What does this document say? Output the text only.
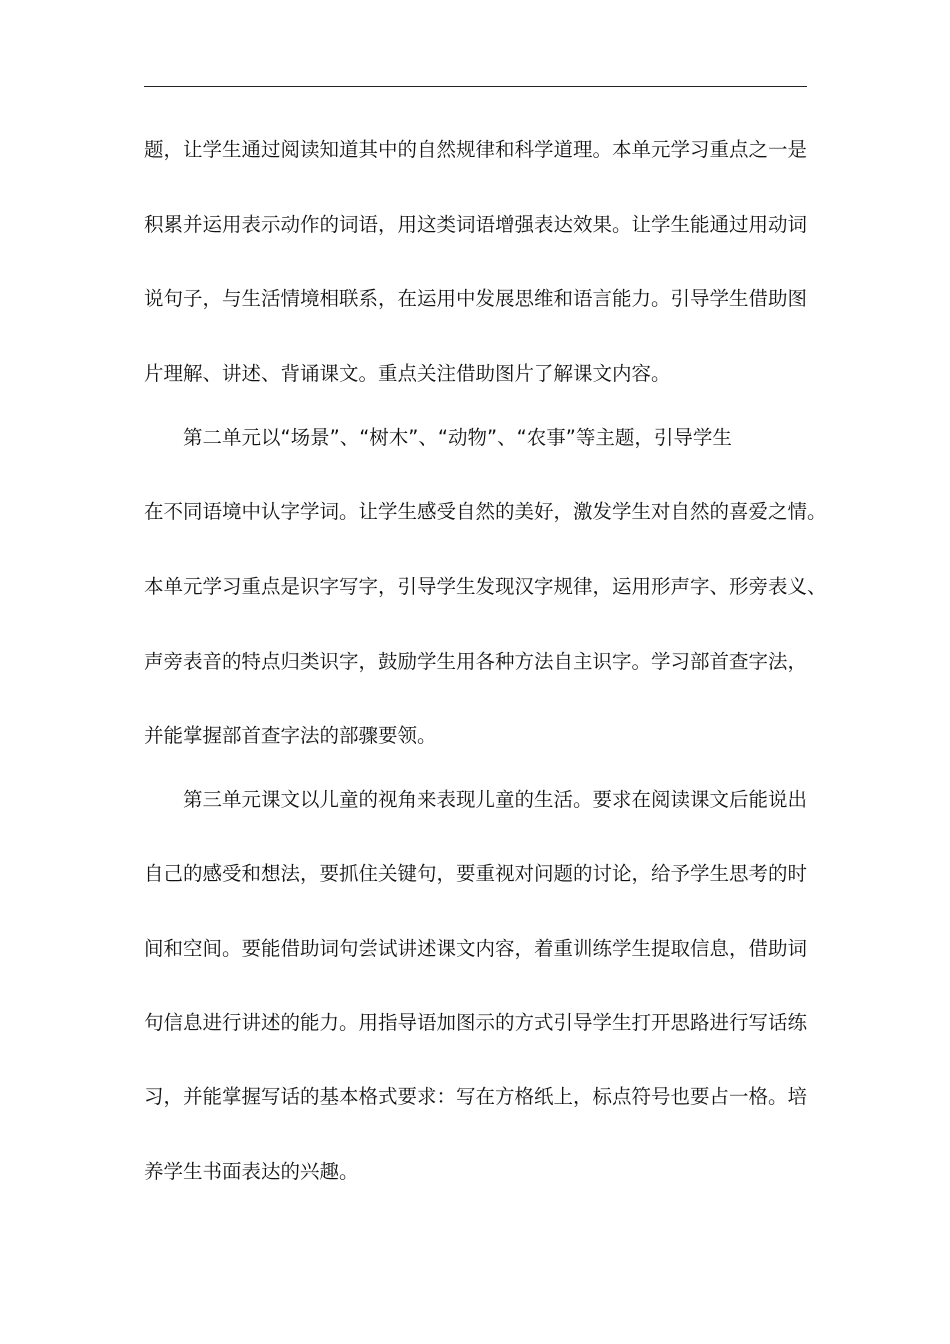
题，让学生通过阅读知道其中的自然规律和科学道理。本单元学习重点之一是
积累并运用表示动作的词语，用这类词语增强表达效果。让学生能通过用动词
说句子，与生活情境相联系，在运用中发展思维和语言能力。引导学生借助图
片理解、讲述、背诵课文。重点关注借助图片了解课文内容。
　　第二单元以“场景”、“树木”、“动物”、“农事”等主题，引导学生
在不同语境中认字学词。让学生感受自然的美好，激发学生对自然的喜爱之情。
本单元学习重点是识字写字，引导学生发现汉字规律，运用形声字、形旁表义、
声旁表音的特点归类识字，鼓励学生用各种方法自主识字。学习部首查字法，
并能掌握部首查字法的部骤要领。
　　第三单元课文以儿童的视角来表现儿童的生活。要求在阅读课文后能说出
自己的感受和想法，要抓住关键句，要重视对问题的讨论，给予学生思考的时
间和空间。要能借助词句尝试讲述课文内容，着重训练学生提取信息，借助词
句信息进行讲述的能力。用指导语加图示的方式引导学生打开思路进行写话练
习，并能掌握写话的基本格式要求：写在方格纸上，标点符号也要占一格。培
养学生书面表达的兴趣。
